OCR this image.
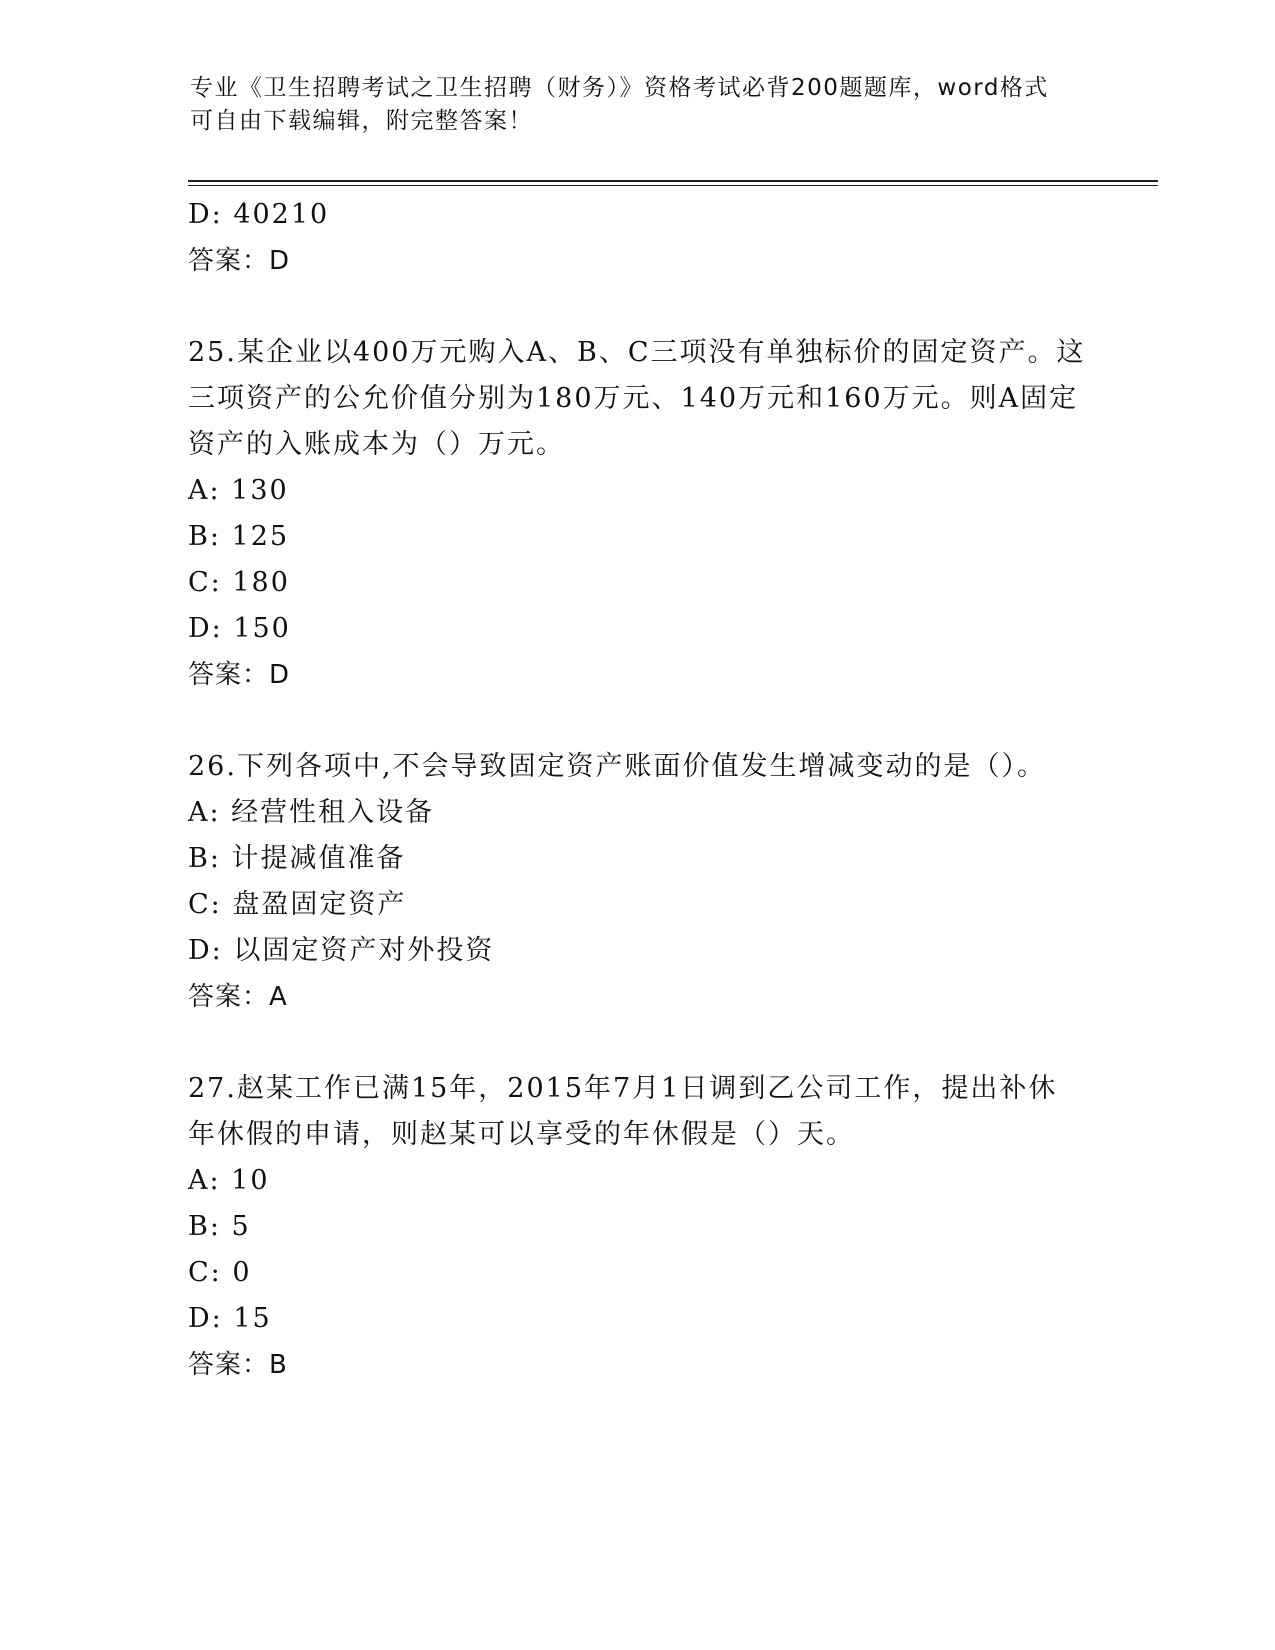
专业《卫生招聘考试之卫生招聘（财务）》资格考试必背200题题库，word格式
可自由下载编辑，附完整答案！
D: 40210
答案：D
25.某企业以400万元购入A、B、C三项没有单独标价的固定资产。这
三项资产的公允价值分别为180万元、140万元和160万元。则A固定
资产的入账成本为（）万元。
A: 130
B: 125
C: 180
D: 150
答案：D
26.下列各项中,不会导致固定资产账面价值发生增减变动的是（）。
A: 经营性租入设备
B: 计提减值准备
C: 盘盈固定资产
D: 以固定资产对外投资
答案：A
27.赵某工作已满15年，2015年7月1日调到乙公司工作，提出补休
年休假的申请，则赵某可以享受的年休假是（）天。
A: 10
B: 5
C: 0
D: 15
答案：B
